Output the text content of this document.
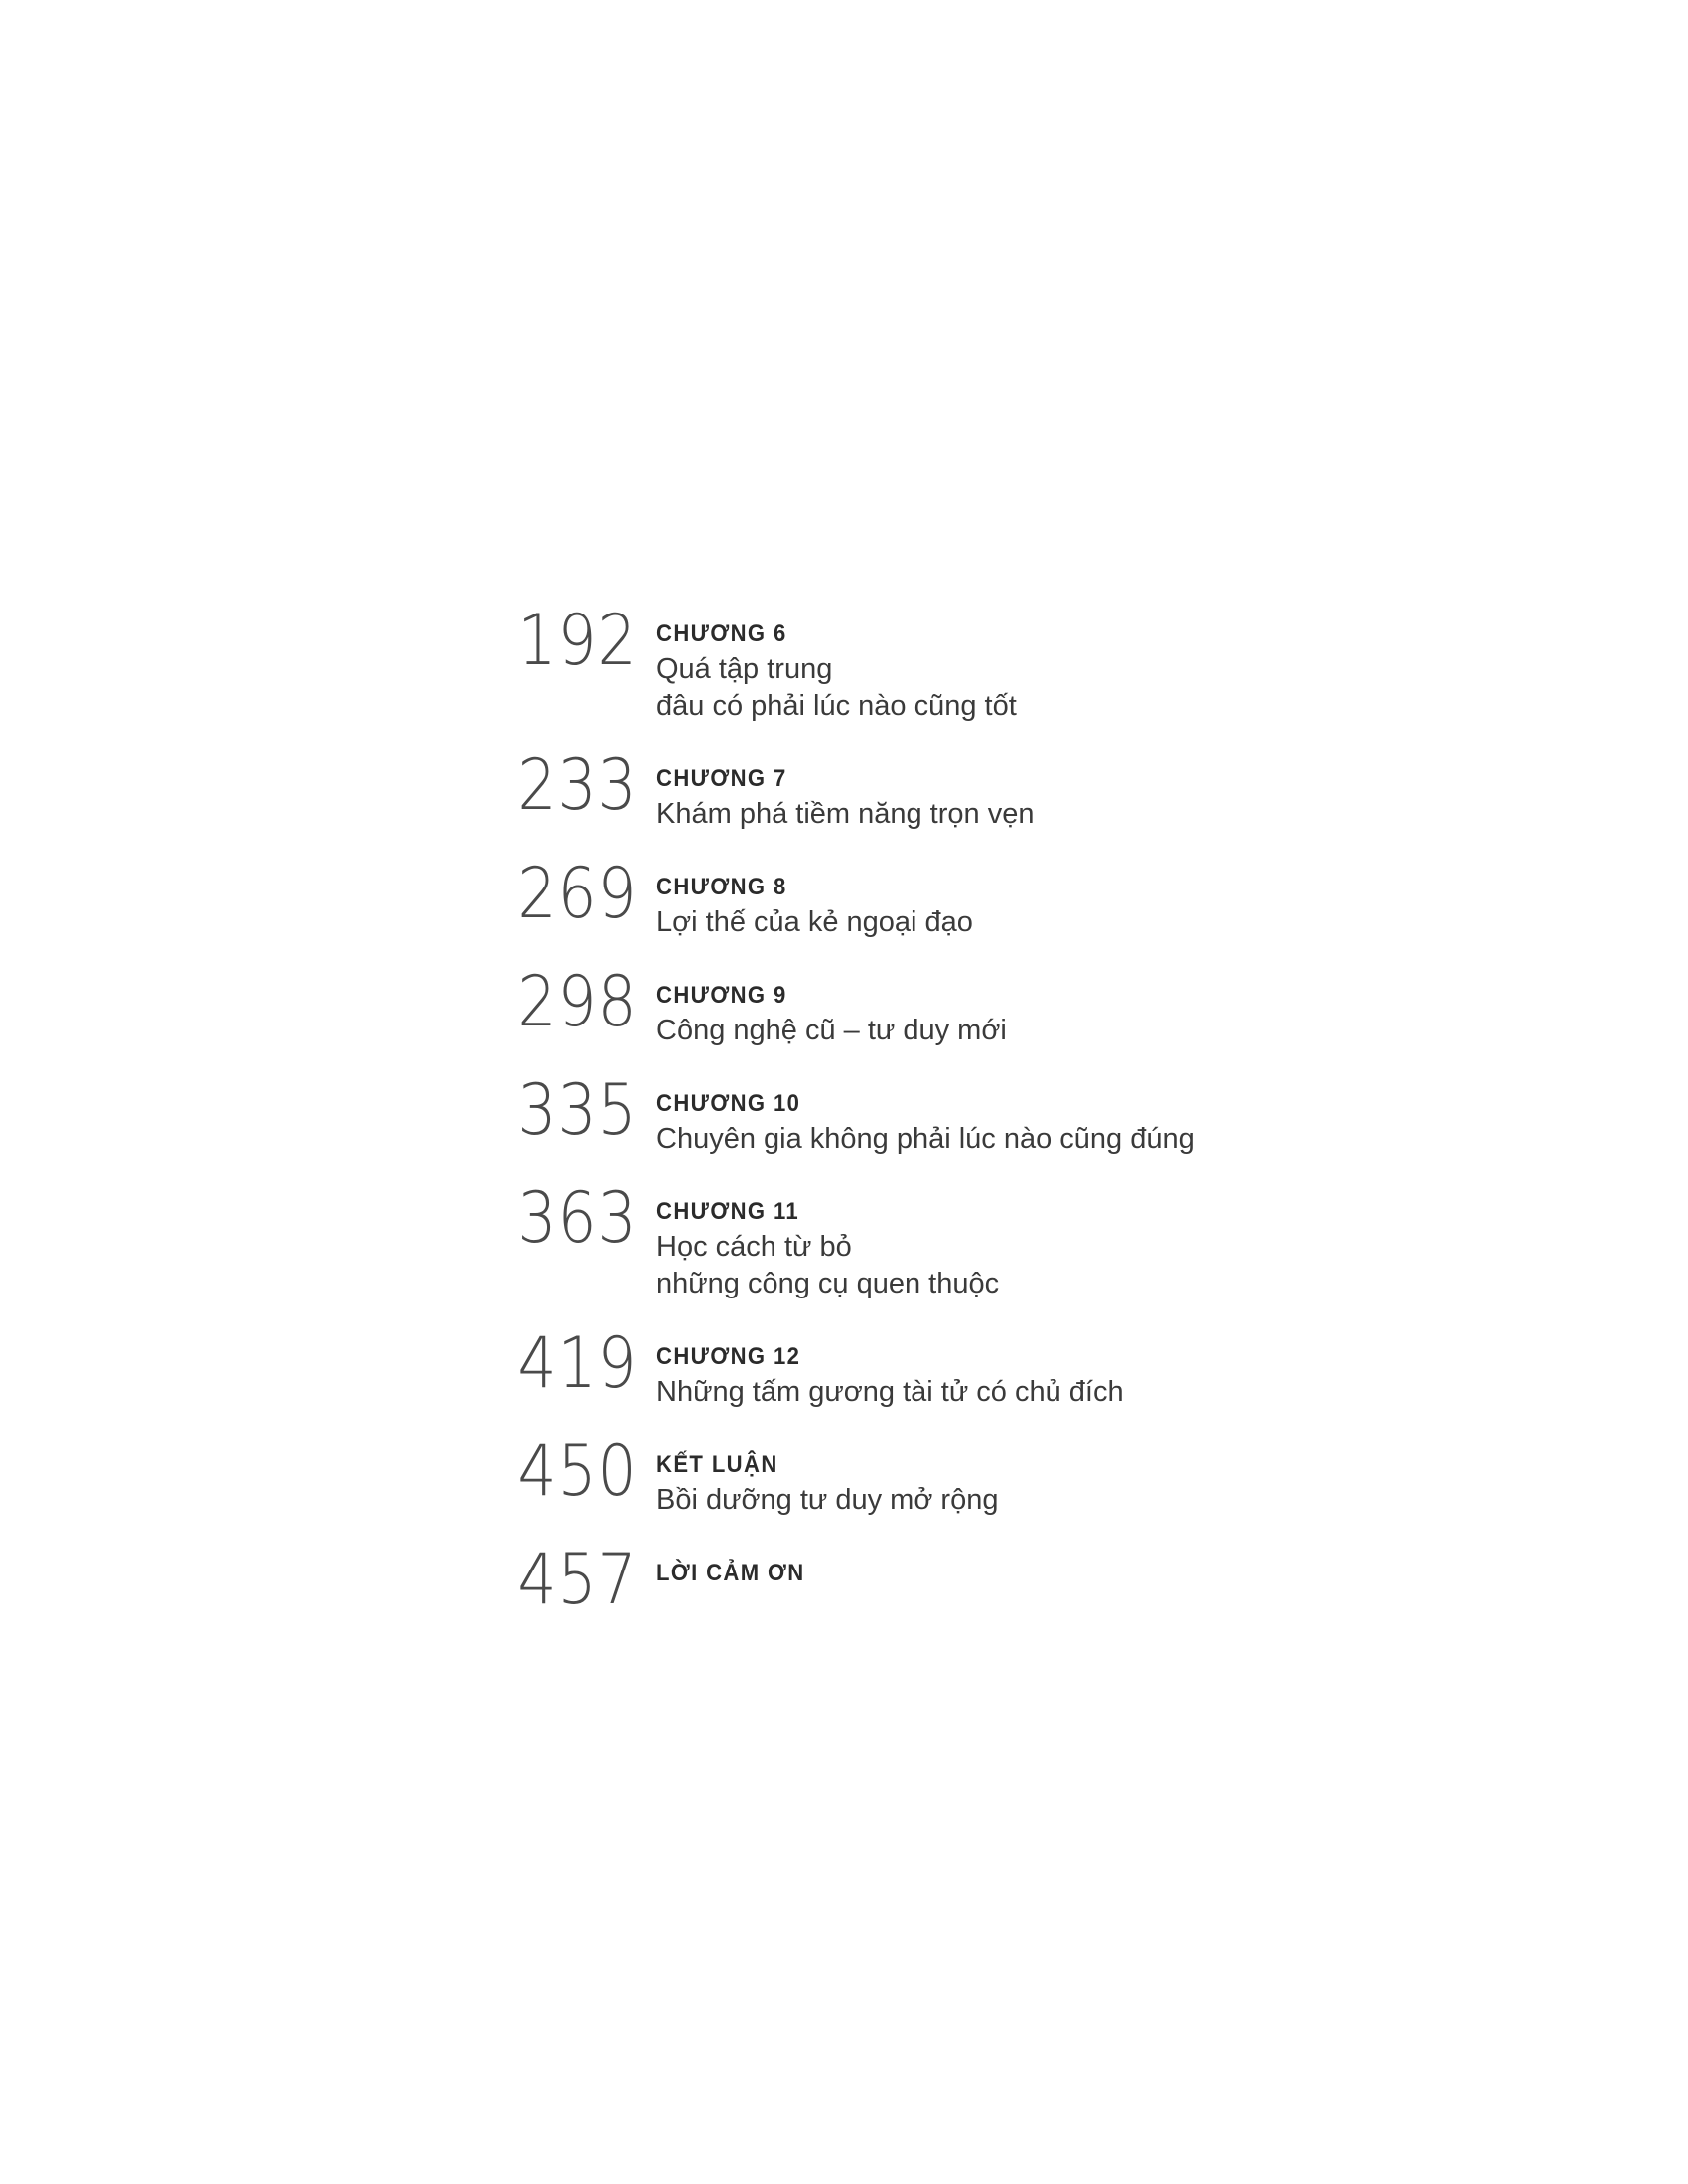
192 CHƯƠNG 6
Quá tập trung
đâu có phải lúc nào cũng tốt
233 CHƯƠNG 7
Khám phá tiềm năng trọn vẹn
269 CHƯƠNG 8
Lợi thế của kẻ ngoại đạo
298 CHƯƠNG 9
Công nghệ cũ – tư duy mới
335 CHƯƠNG 10
Chuyên gia không phải lúc nào cũng đúng
363 CHƯƠNG 11
Học cách từ bỏ
những công cụ quen thuộc
419 CHƯƠNG 12
Những tấm gương tài tử có chủ đích
450 KẾT LUẬN
Bồi dưỡng tư duy mở rộng
457 LỜI CẢM ƠN
